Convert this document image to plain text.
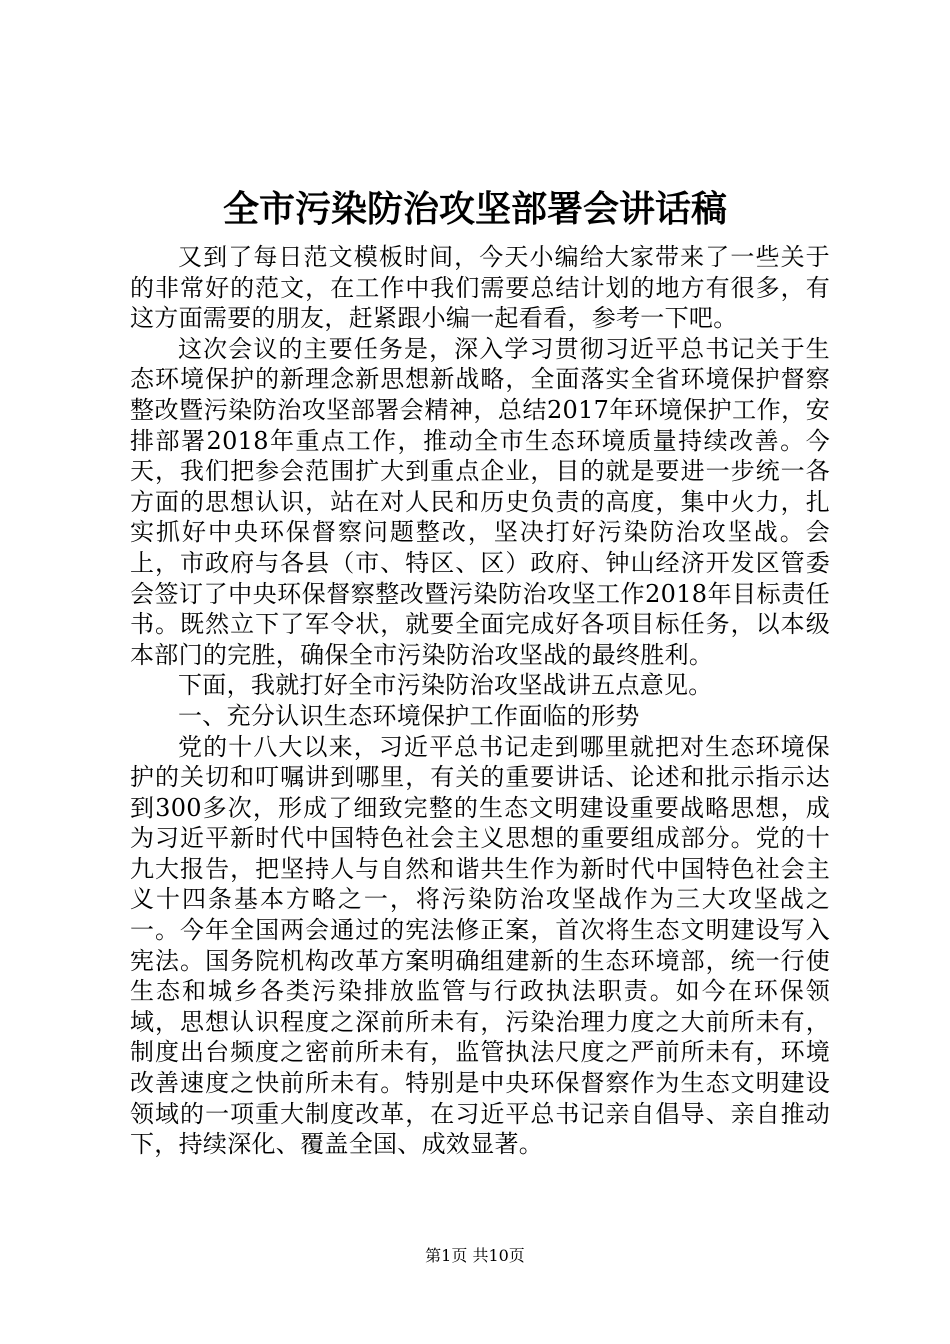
全市污染防治攻坚部署会讲话稿

又到了每日范文模板时间，今天小编给大家带来了一些关于的非常好的范文，在工作中我们需要总结计划的地方有很多，有这方面需要的朋友，赶紧跟小编一起看看，参考一下吧。

这次会议的主要任务是，深入学习贯彻习近平总书记关于生态环境保护的新理念新思想新战略，全面落实全省环境保护督察整改暨污染防治攻坚部署会精神，总结2017年环境保护工作，安排部署2018年重点工作，推动全市生态环境质量持续改善。今天，我们把参会范围扩大到重点企业，目的就是要进一步统一各方面的思想认识，站在对人民和历史负责的高度，集中火力，扎实抓好中央环保督察问题整改，坚决打好污染防治攻坚战。会上，市政府与各县（市、特区、区）政府、钟山经济开发区管委会签订了中央环保督察整改暨污染防治攻坚工作2018年目标责任书。既然立下了军令状，就要全面完成好各项目标任务，以本级本部门的完胜，确保全市污染防治攻坚战的最终胜利。

下面，我就打好全市污染防治攻坚战讲五点意见。

一、充分认识生态环境保护工作面临的形势

党的十八大以来，习近平总书记走到哪里就把对生态环境保护的关切和叮嘱讲到哪里，有关的重要讲话、论述和批示指示达到300多次，形成了细致完整的生态文明建设重要战略思想，成为习近平新时代中国特色社会主义思想的重要组成部分。党的十九大报告，把坚持人与自然和谐共生作为新时代中国特色社会主义十四条基本方略之一，将污染防治攻坚战作为三大攻坚战之一。今年全国两会通过的宪法修正案，首次将生态文明建设写入宪法。国务院机构改革方案明确组建新的生态环境部，统一行使生态和城乡各类污染排放监管与行政执法职责。如今在环保领域，思想认识程度之深前所未有，污染治理力度之大前所未有，制度出台频度之密前所未有，监管执法尺度之严前所未有，环境改善速度之快前所未有。特别是中央环保督察作为生态文明建设领域的一项重大制度改革，在习近平总书记亲自倡导、亲自推动下，持续深化、覆盖全国、成效显著。

第1页 共10页
